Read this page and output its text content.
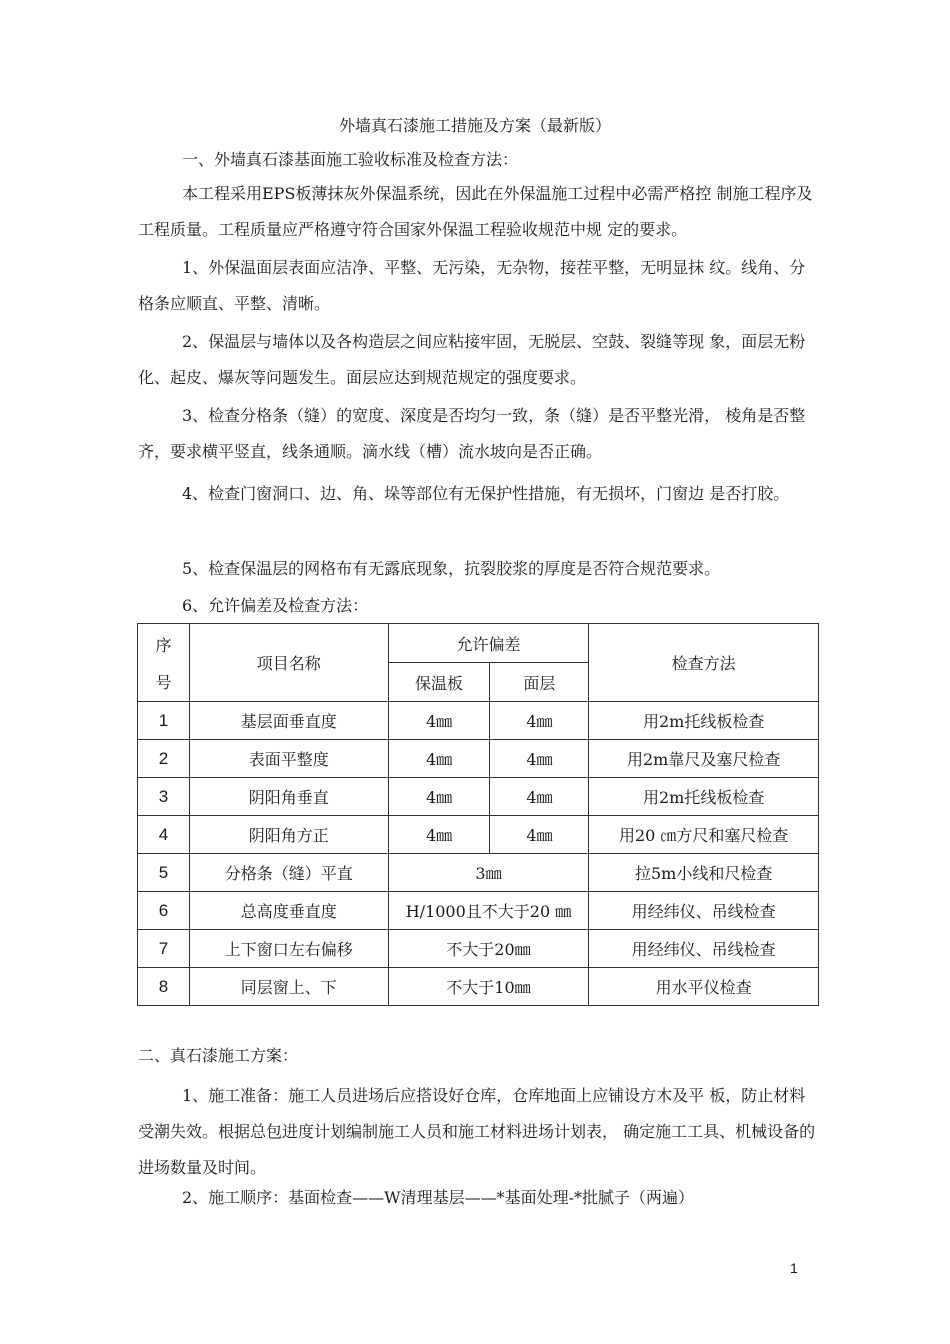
外墙真石漆施工措施及方案（最新版）
一、外墙真石漆基面施工验收标准及检查方法：

本工程采用EPS板薄抹灰外保温系统，因此在外保温施工过程中必需严格控 制施工程序及工程质量。工程质量应严格遵守符合国家外保温工程验收规范中规 定的要求。

1、外保温面层表面应洁净、平整、无污染，无杂物，接茬平整，无明显抹 纹。线角、分格条应顺直、平整、清晰。

2、保温层与墙体以及各构造层之间应粘接牢固，无脱层、空鼓、裂缝等现 象，面层无粉化、起皮、爆灰等问题发生。面层应达到规范规定的强度要求。

3、检查分格条（缝）的宽度、深度是否均匀一致，条（缝）是否平整光滑， 棱角是否整齐，要求横平竖直，线条通顺。滴水线（槽）流水坡向是否正确。

4、检查门窗洞口、边、角、垛等部位有无保护性措施，有无损坏，门窗边 是否打胶。

5、检查保温层的网格布有无露底现象，抗裂胶浆的厚度是否符合规范要求。

6、允许偏差及检查方法：

序
号	项目名称	允许偏差		检查方法
		保温板	面层	
1	基层面垂直度	4㎜	4㎜	用2m托线板检查
2	表面平整度	4㎜	4㎜	用2m靠尺及塞尺检查
3	阴阳角垂直	4㎜	4㎜	用2m托线板检查
4	阴阳角方正	4㎜	4㎜	用20 ㎝方尺和塞尺检查
5	分格条（缝）平直	3㎜		拉5m小线和尺检查
6	总高度垂直度	H/1000且不大于20 ㎜		用经纬仪、吊线检查
7	上下窗口左右偏移	不大于20㎜		用经纬仪、吊线检查
8	同层窗上、下	不大于10㎜		用水平仪检查
二、真石漆施工方案：

1、施工准备：施工人员进场后应搭设好仓库，仓库地面上应铺设方木及平 板，防止材料受潮失效。根据总包进度计划编制施工人员和施工材料进场计划表， 确定施工工具、机械设备的进场数量及时间。

2、施工顺序：基面检查——W清理基层——*基面处理-*批腻子（两遍）

1
